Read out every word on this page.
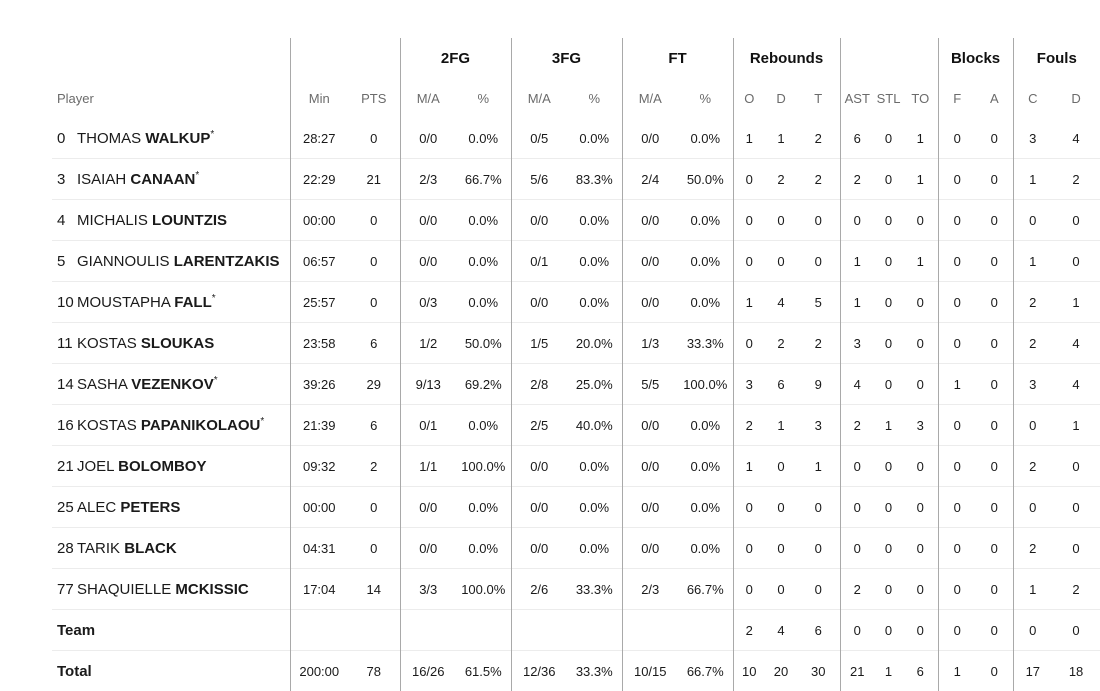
			2FG		3FG		FT		Rebounds						Blocks		Fouls	
Player	Min	PTS	M/A	%	M/A	%	M/A	%	O	D	T	AST	STL	TO	F	A	C	D
0 THOMAS WALKUP*	28:27	0	0/0	0.0%	0/5	0.0%	0/0	0.0%	1	1	2	6	0	1	0	0	3	4
3 ISAIAH CANAAN*	22:29	21	2/3	66.7%	5/6	83.3%	2/4	50.0%	0	2	2	2	0	1	0	0	1	2
4 MICHALIS LOUNTZIS	00:00	0	0/0	0.0%	0/0	0.0%	0/0	0.0%	0	0	0	0	0	0	0	0	0	0
5 GIANNOULIS LARENTZAKIS	06:57	0	0/0	0.0%	0/1	0.0%	0/0	0.0%	0	0	0	1	0	1	0	0	1	0
10 MOUSTAPHA FALL*	25:57	0	0/3	0.0%	0/0	0.0%	0/0	0.0%	1	4	5	1	0	0	0	0	2	1
11 KOSTAS SLOUKAS	23:58	6	1/2	50.0%	1/5	20.0%	1/3	33.3%	0	2	2	3	0	0	0	0	2	4
14 SASHA VEZENKOV*	39:26	29	9/13	69.2%	2/8	25.0%	5/5	100.0%	3	6	9	4	0	0	1	0	3	4
16 KOSTAS PAPANIKOLAOU*	21:39	6	0/1	0.0%	2/5	40.0%	0/0	0.0%	2	1	3	2	1	3	0	0	0	1
21 JOEL BOLOMBOY	09:32	2	1/1	100.0%	0/0	0.0%	0/0	0.0%	1	0	1	0	0	0	0	0	2	0
25 ALEC PETERS	00:00	0	0/0	0.0%	0/0	0.0%	0/0	0.0%	0	0	0	0	0	0	0	0	0	0
28 TARIK BLACK	04:31	0	0/0	0.0%	0/0	0.0%	0/0	0.0%	0	0	0	0	0	0	0	0	2	0
77 SHAQUIELLE MCKISSIC	17:04	14	3/3	100.0%	2/6	33.3%	2/3	66.7%	0	0	0	2	0	0	0	0	1	2
Team									2	4	6	0	0	0	0	0	0	0
Total	200:00	78	16/26	61.5%	12/36	33.3%	10/15	66.7%	10	20	30	21	1	6	1	0	17	18
